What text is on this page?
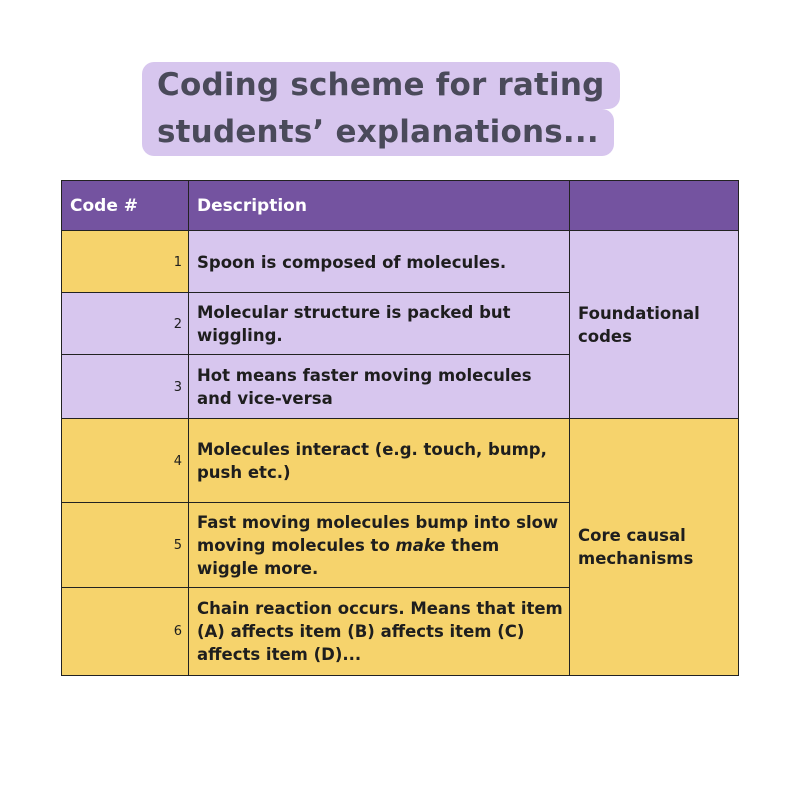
Coding scheme for rating
students’ explanations...
Code #	Description
1 Spoon is composed of molecules.
2
Molecular structure is packed but wiggling.
3
Hot means faster moving molecules and vice-versa
Foundational codes
4
Molecules interact (e.g. touch, bump, push etc.)
5
Fast moving molecules bump into slow moving molecules to make them wiggle more.
6
Chain reaction occurs. Means that item (A) affects item (B) affects item (C) affects item (D)...
Core causal mechanisms
